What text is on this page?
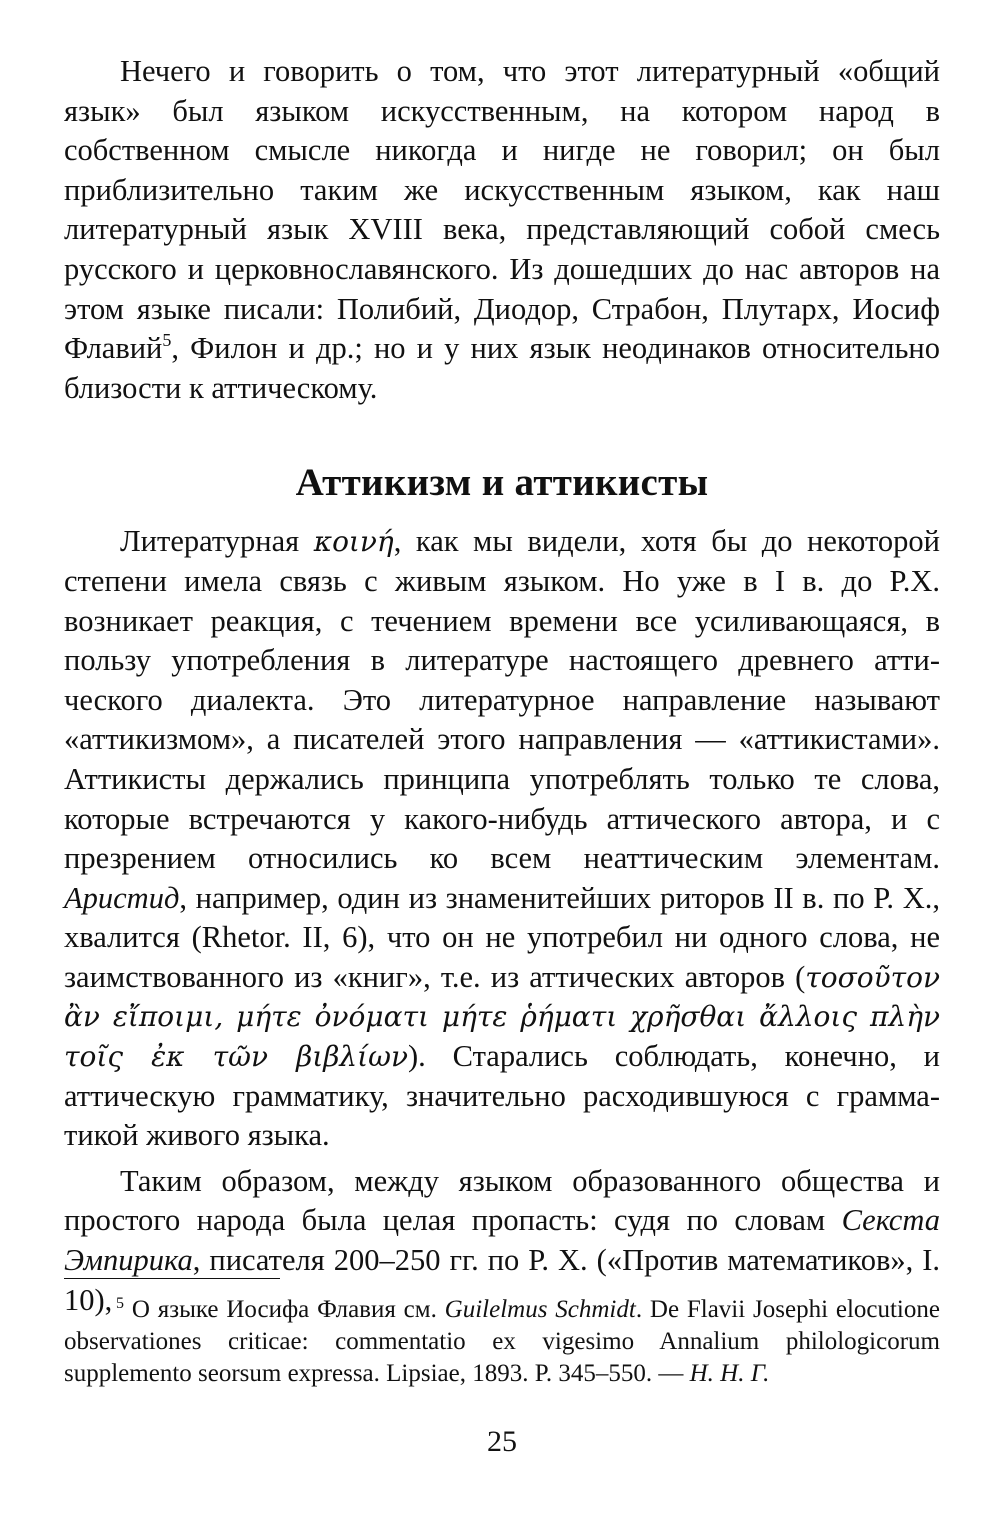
Нечего и говорить о том, что этот литературный «общий язык» был языком искусственным, на котором народ в собственном смысле никогда и нигде не говорил; он был приблизительно таким же искусственным языком, как наш литературный язык XVIII века, представляющий собой смесь русского и церковнославянского. Из дошедших до нас авторов на этом языке писали: Полибий, Диодор, Страбон, Плутарх, Иосиф Флавий$^5$, Филон и др.; но и у них язык неодинаков относительно близости к аттическому.

Аттикизм и аттикисты

Литературная κοινή, как мы видели, хотя бы до некоторой степени имела связь с живым языком. Но уже в I в. до Р.Х. возникает реакция, с течением времени все усиливающаяся, в пользу употребления в литературе настоящего древнего аттического диалекта. Это литературное направление называют «аттикизмом», а писателей этого направления — «аттикистами». Аттикисты держались принципа употреблять только те слова, которые встречаются у какого-нибудь аттического автора, и с презрением относились ко всем неаттическим элементам. Аристид, например, один из знаменитейших риторов II в. по Р. Х., хвалится (Rhetor. II, 6), что он не употребил ни одного слова, не заимствованного из «книг», т.е. из аттических авторов (τοσοῦτον ἂν εἴποιμι, μήτε ὀνόματι μήτε ῥήματι χρῆσθαι ἄλλοις πλὴν τοῖς ἐκ τῶν βιβλίων). Старались соблюдать, конечно, и аттическую грамматику, значительно расходившуюся с грамматикой живого языка.

Таким образом, между языком образованного общества и простого народа была целая пропасть: судя по словам Секста Эмпирика, писателя 200–250 гг. по Р. Х. («Против математиков», I. 10), $^5$ О языке Иосифа Флавия см. Guilelmus Schmidt. De Flavii Josephi elocutione observationes criticae: commentatio ex vigesimo Annalium philologicorum supplemento seorsum expressa. Lipsiae, 1893. P. 345–550. — Н. Н. Г.

25
